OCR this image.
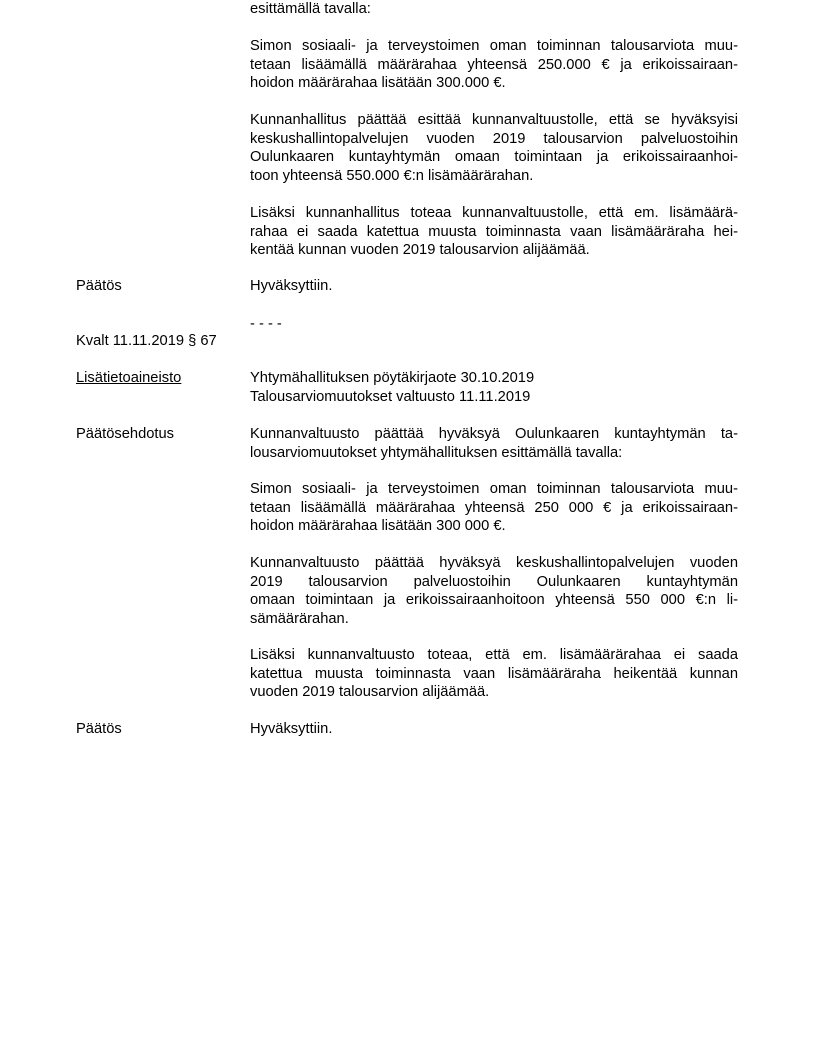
esittämällä tavalla:
Simon sosiaali- ja terveystoimen oman toiminnan talousarviota muu-
tetaan lisäämällä määrärahaa yhteensä 250.000 € ja erikoissairaan-
hoidon määrärahaa lisätään 300.000 €.
Kunnanhallitus päättää esittää kunnanvaltuustolle, että se hyväksyisi
keskushallintopalvelujen vuoden 2019 talousarvion palveluostoihin
Oulunkaaren kuntayhtymän omaan toimintaan ja erikoissairaanhoi-
toon yhteensä 550.000 €:n lisämäärärahan.
Lisäksi kunnanhallitus toteaa kunnanvaltuustolle, että em. lisämäärä-
rahaa ei saada katettua muusta toiminnasta vaan lisämääräraha hei-
kentää kunnan vuoden 2019 talousarvion alijäämää.
Päätös	Hyväksyttiin.
- - - -
Kvalt 11.11.2019 § 67
Lisätietoaineisto	Yhtymähallituksen pöytäkirjaote 30.10.2019
Talousarviomuutokset valtuusto 11.11.2019
Päätösehdotus	Kunnanvaltuusto päättää hyväksyä Oulunkaaren kuntayhtymän ta-
lousarviomuutokset yhtymähallituksen esittämällä tavalla:
Simon sosiaali- ja terveystoimen oman toiminnan talousarviota muu-
tetaan lisäämällä määrärahaa yhteensä 250 000 € ja erikoissairaan-
hoidon määrärahaa lisätään 300 000 €.
Kunnanvaltuusto päättää hyväksyä keskushallintopalvelujen vuoden
2019 talousarvion palveluostoihin Oulunkaaren kuntayhtymän
omaan toimintaan ja erikoissairaanhoitoon yhteensä 550 000 €:n li-
sämäärärahan.
Lisäksi kunnanvaltuusto toteaa, että em. lisämäärärahaa ei saada
katettua muusta toiminnasta vaan lisämääräraha heikentää kunnan
vuoden 2019 talousarvion alijäämää.
Päätös	Hyväksyttiin.
